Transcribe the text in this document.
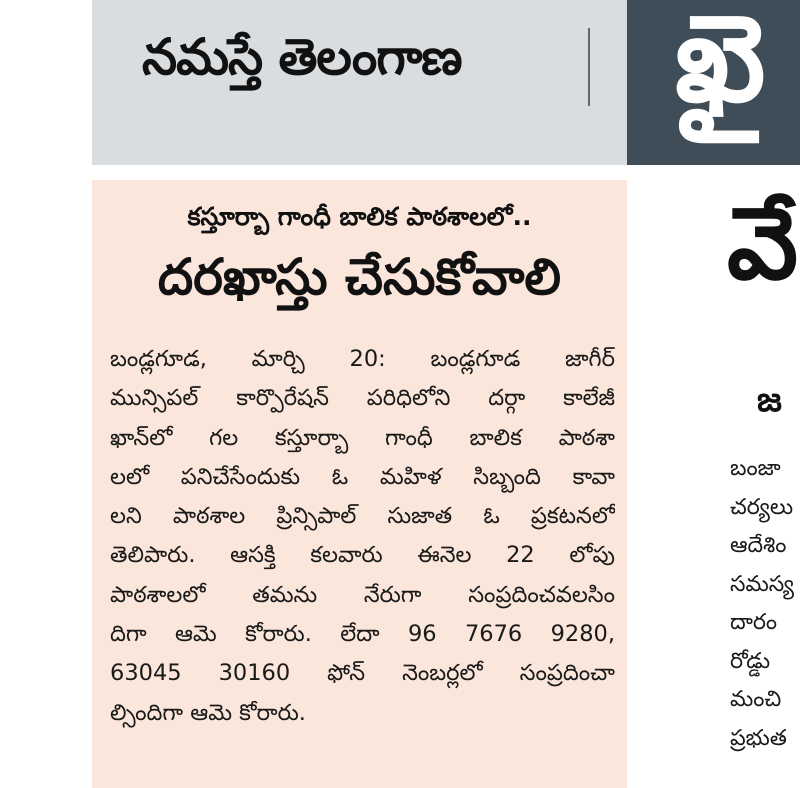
నమస్తే తెలంగాణ ఖై
కస్తూర్బా గాంధీ బాలిక పాఠశాలలో..
దరఖాస్తు చేసుకోవాలి
బండ్లగూడ, మార్చి 20: బండ్లగూడ జాగీర్
మున్సిపల్ కార్పొరేషన్ పరిధిలోని దర్గా కాలేజీ
ఖాన్‌లో గల కస్తూర్బా గాంధీ బాలిక పాఠశా
లలో పనిచేసేందుకు ఓ మహిళ సిబ్బంది కావా
లని పాఠశాల ప్రిన్సిపాల్ సుజాత ఓ ప్రకటనలో
తెలిపారు. ఆసక్తి కలవారు ఈనెల 22 లోపు
పాఠశాలలో తమను నేరుగా సంప్రదించవలసిం
దిగా ఆమె కోరారు. లేదా 96 7676 9280,
63045 30160 ఫోన్ నెంబర్లలో సంప్రదించా
ల్సిందిగా ఆమె కోరారు.
వే
జ
బంజా
చర్యలు
ఆదేశిం
సమస్య
దారం
రోడ్డు
మంచి
ప్రభుత
